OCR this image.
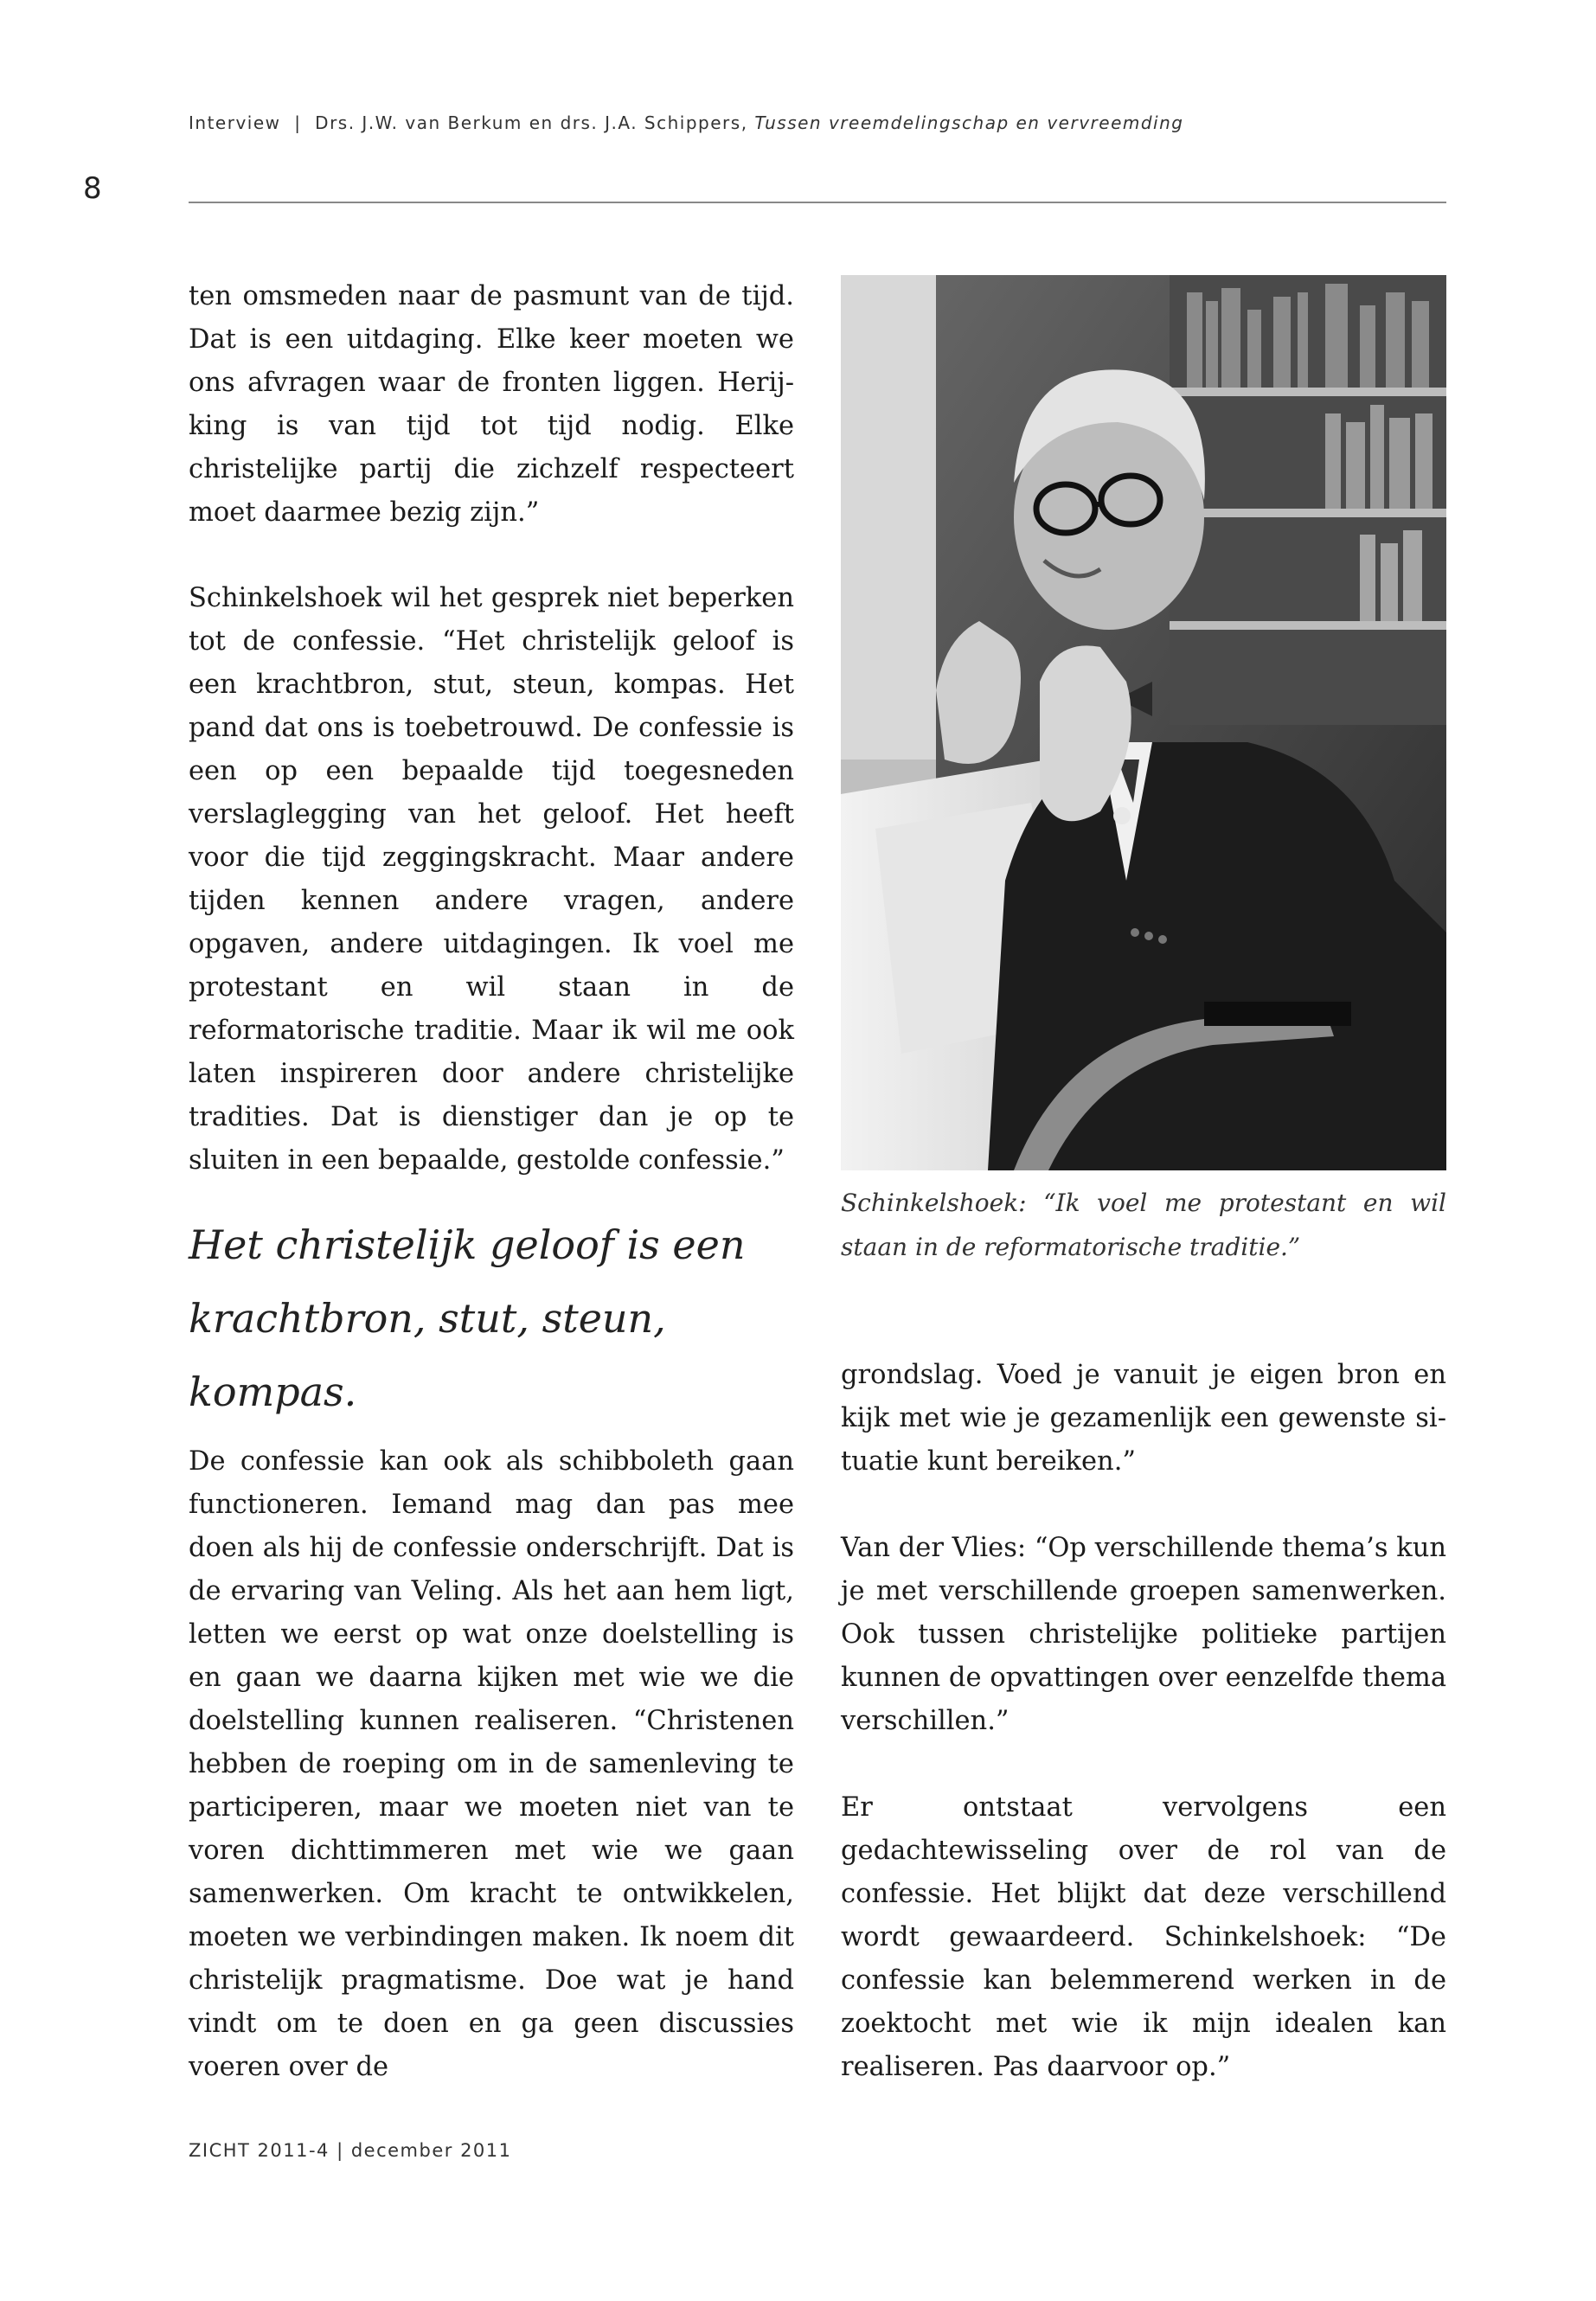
Interview  |  Drs. J.W. van Berkum en drs. J.A. Schippers, Tussen vreemdelingschap en vervreemding
8

ten omsmeden naar de pasmunt van de tijd. Dat is een uitdaging. Elke keer moeten we ons afvragen waar de fronten liggen. Herijking is van tijd tot tijd nodig. Elke christelijke partij die zichzelf respecteert moet daarmee bezig zijn.”

Schinkelshoek wil het gesprek niet beperken tot de confessie. “Het christelijk geloof is een krachtbron, stut, steun, kompas. Het pand dat ons is toebetrouwd. De confessie is een op een bepaalde tijd toegesneden verslaglegging van het geloof. Het heeft voor die tijd zeggingskracht. Maar andere tijden kennen andere vragen, andere opgaven, andere uitdagingen. Ik voel me protestant en wil staan in de reformatorische traditie. Maar ik wil me ook laten inspireren door andere christelijke tradities. Dat is dienstiger dan je op te sluiten in een bepaalde, gestolde confessie.”

Het christelijk geloof is een
krachtbron, stut, steun, kompas.

De confessie kan ook als schibboleth gaan functioneren. Iemand mag dan pas mee doen als hij de confessie onderschrijft. Dat is de ervaring van Veling. Als het aan hem ligt, letten we eerst op wat onze doelstelling is en gaan we daarna kijken met wie we die doelstelling kunnen realiseren. “Christenen hebben de roeping om in de samenleving te participeren, maar we moeten niet van te voren dichttimmeren met wie we gaan samenwerken. Om kracht te ontwikkelen, moeten we verbindingen maken. Ik noem dit christelijk pragmatisme. Doe wat je hand vindt om te doen en ga geen discussies voeren over de

Schinkelshoek: “Ik voel me protestant en wil staan in de reformatorische traditie.”

grondslag. Voed je vanuit je eigen bron en kijk met wie je gezamenlijk een gewenste situatie kunt bereiken.”

Van der Vlies: “Op verschillende thema’s kun je met verschillende groepen samenwerken. Ook tussen christelijke politieke partijen kunnen de opvattingen over eenzelfde thema verschillen.”

Er ontstaat vervolgens een gedachtewisseling over de rol van de confessie. Het blijkt dat deze verschillend wordt gewaardeerd. Schinkelshoek: “De confessie kan belemmerend werken in de zoektocht met wie ik mijn idealen kan realiseren. Pas daarvoor op.”

ZICHT 2011-4 | december 2011
